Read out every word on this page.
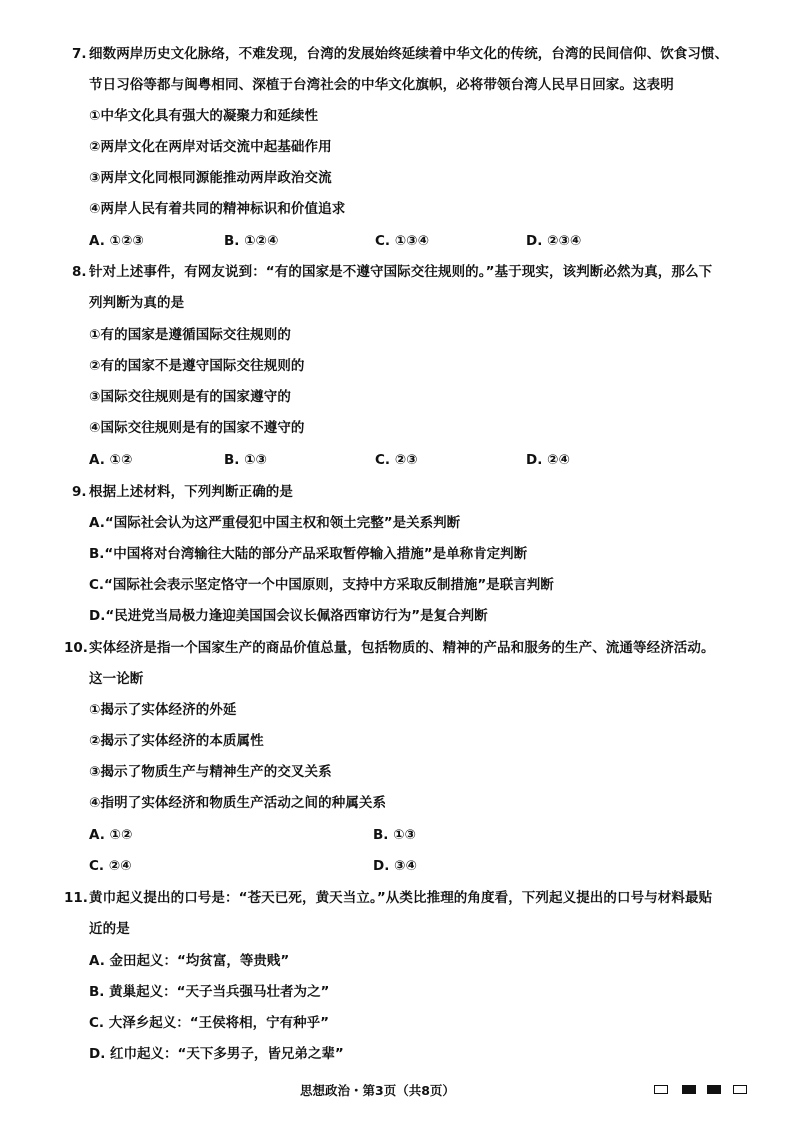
7. 细数两岸历史文化脉络，不难发现，台湾的发展始终延续着中华文化的传统，台湾的民间信仰、饮食习惯、
节日习俗等都与闽粤相同、深植于台湾社会的中华文化旗帜，必将带领台湾人民早日回家。这表明
①中华文化具有强大的凝聚力和延续性
②两岸文化在两岸对话交流中起基础作用
③两岸文化同根同源能推动两岸政治交流
④两岸人民有着共同的精神标识和价值追求
A. ①②③	B. ①②④	C. ①③④	D. ②③④
8. 针对上述事件，有网友说到：“有的国家是不遵守国际交往规则的。”基于现实，该判断必然为真，那么下
列判断为真的是
①有的国家是遵循国际交往规则的
②有的国家不是遵守国际交往规则的
③国际交往规则是有的国家遵守的
④国际交往规则是有的国家不遵守的
A. ①②	B. ①③	C. ②③	D. ②④
9. 根据上述材料，下列判断正确的是
A.“国际社会认为这严重侵犯中国主权和领土完整”是关系判断
B.“中国将对台湾输往大陆的部分产品采取暂停输入措施”是单称肯定判断
C.“国际社会表示坚定恪守一个中国原则，支持中方采取反制措施”是联言判断
D.“民进党当局极力逢迎美国国会议长佩洛西窜访行为”是复合判断
10. 实体经济是指一个国家生产的商品价值总量，包括物质的、精神的产品和服务的生产、流通等经济活动。
这一论断
①揭示了实体经济的外延
②揭示了实体经济的本质属性
③揭示了物质生产与精神生产的交叉关系
④指明了实体经济和物质生产活动之间的种属关系
A. ①②	B. ①③
C. ②④	D. ③④
11. 黄巾起义提出的口号是：“苍天已死，黄天当立。”从类比推理的角度看，下列起义提出的口号与材料最贴
近的是
A. 金田起义：“均贫富，等贵贱”
B. 黄巢起义：“天子当兵强马壮者为之”
C. 大泽乡起义：“王侯将相，宁有种乎”
D. 红巾起义：“天下多男子，皆兄弟之辈”
思想政治・第3页（共8页）
